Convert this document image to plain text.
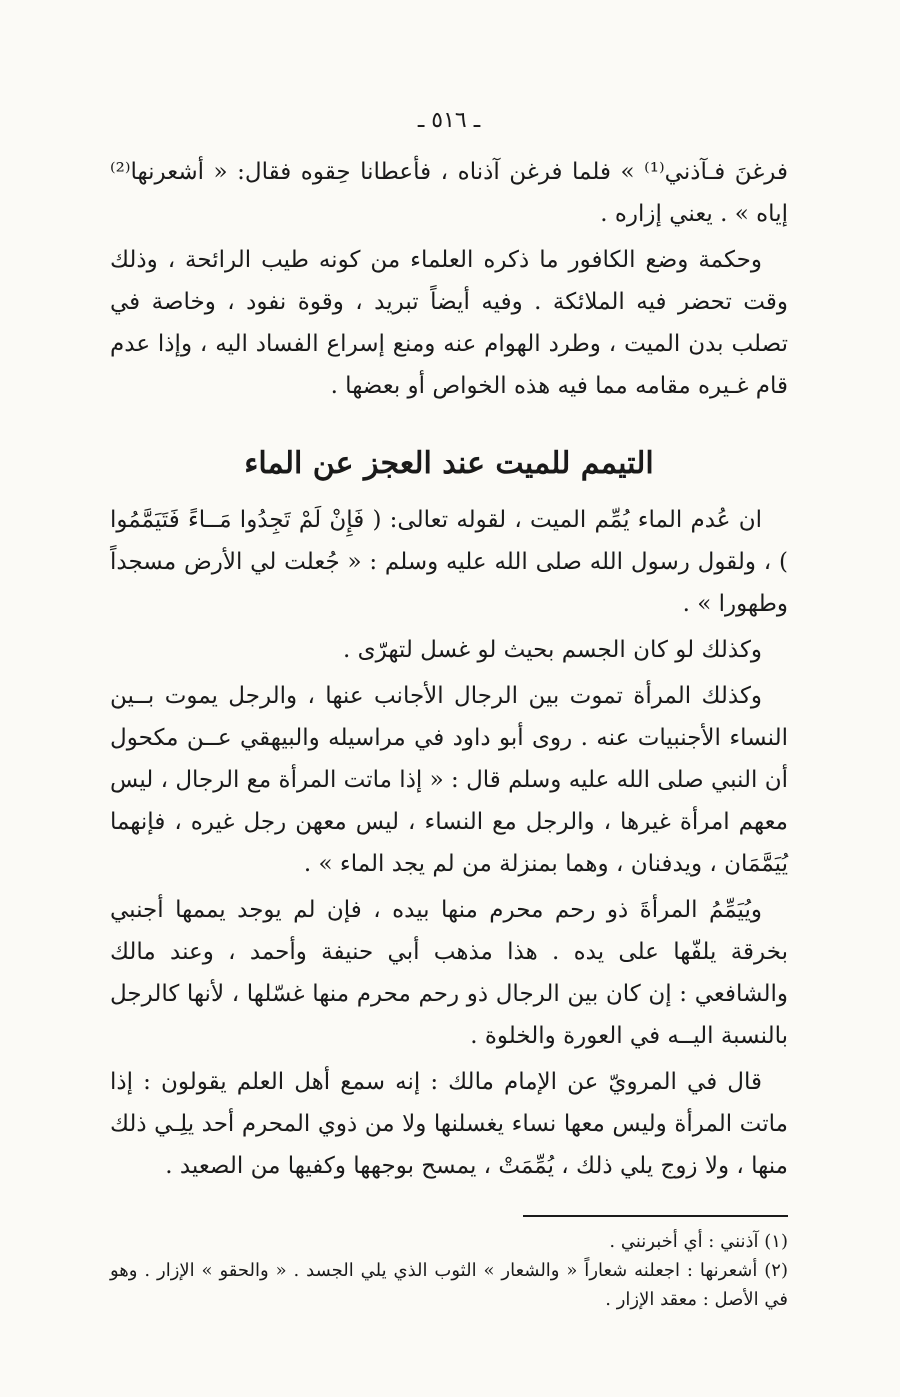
ـ ٥١٦ ـ

فرغنَ فـآذني⁽¹⁾ » فلما فرغن آذناه ، فأعطانا حِقوه فقال: « أشعرنها⁽²⁾ إياه » . يعني إزاره .

وحكمة وضع الكافور ما ذكره العلماء من كونه طيب الرائحة ، وذلك وقت تحضر فيه الملائكة . وفيه أيضاً تبريد ، وقوة نفود ، وخاصة في تصلب بدن الميت ، وطرد الهوام عنه ومنع إسراع الفساد اليه ، وإذا عدم قام غـيره مقامه مما فيه هذه الخواص أو بعضها .

التيمم للميت عند العجز عن الماء

ان عُدم الماء يُمِّم الميت ، لقوله تعالى: ( فَإِنْ لَمْ تَجِدُوا مَــاءً فَتَيَمَّمُوا ) ، ولقول رسول الله صلى الله عليه وسلم : « جُعلت لي الأرض مسجداً وطهورا » .

وكذلك لو كان الجسم بحيث لو غسل لتهرّى .

وكذلك المرأة تموت بين الرجال الأجانب عنها ، والرجل يموت بــين النساء الأجنبيات عنه . روى أبو داود في مراسيله والبيهقي عــن مكحول أن النبي صلى الله عليه وسلم قال : « إذا ماتت المرأة مع الرجال ، ليس معهم امرأة غيرها ، والرجل مع النساء ، ليس معهن رجل غيره ، فإنهما يُيَمَّمَان ، ويدفنان ، وهما بمنزلة من لم يجد الماء » .

ويُيَمِّمُ المرأةَ ذو رحم محرم منها بيده ، فإن لم يوجد يممها أجنبي بخرقة يلفّها على يده . هذا مذهب أبي حنيفة وأحمد ، وعند مالك والشافعي : إن كان بين الرجال ذو رحم محرم منها غسّلها ، لأنها كالرجل بالنسبة اليــه في العورة والخلوة .

قال في المرويّ عن الإمام مالك : إنه سمع أهل العلم يقولون : إذا ماتت المرأة وليس معها نساء يغسلنها ولا من ذوي المحرم أحد يلِـي ذلك منها ، ولا زوج يلي ذلك ، يُمِّمَتْ ، يمسح بوجهها وكفيها من الصعيد .

(١) آذنني : أي أخبرنني .

(٢) أشعرنها : اجعلنه شعاراً « والشعار » الثوب الذي يلي الجسد . « والحقو » الإزار . وهو في الأصل : معقد الإزار .
